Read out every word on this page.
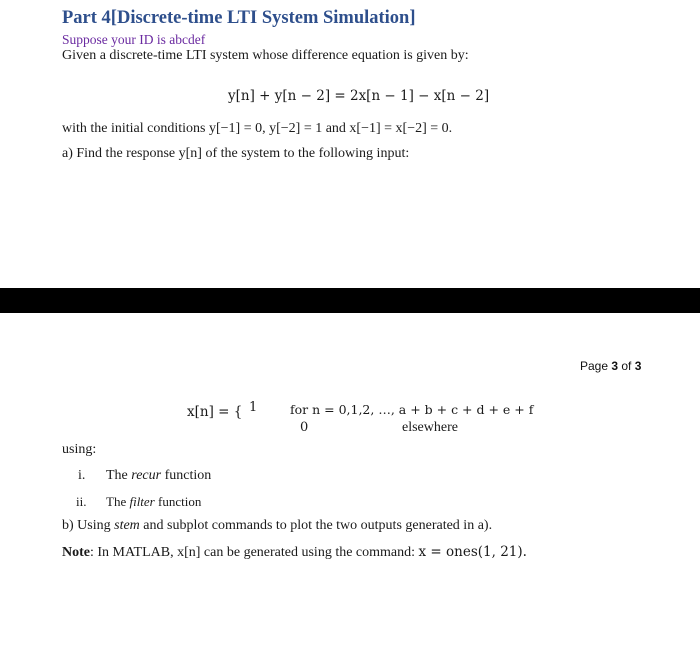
Part 4[Discrete-time LTI System Simulation]
Suppose your ID is abcdef
Given a discrete-time LTI system whose difference equation is given by:
y[n] + y[n − 2] = 2x[n − 1] − x[n − 2]
with the initial conditions y[−1] = 0, y[−2] = 1 and x[−1] = x[−2] = 0.
a) Find the response y[n] of the system to the following input:
Page 3 of 3
x[n] = { 1	for n = 0,1,2, …, a + b + c + d + e + f
0	elsewhere
using:
i. The recur function
ii. The filter function
b) Using stem and subplot commands to plot the two outputs generated in a).
Note: In MATLAB, x[n] can be generated using the command: x = ones(1, 21).
